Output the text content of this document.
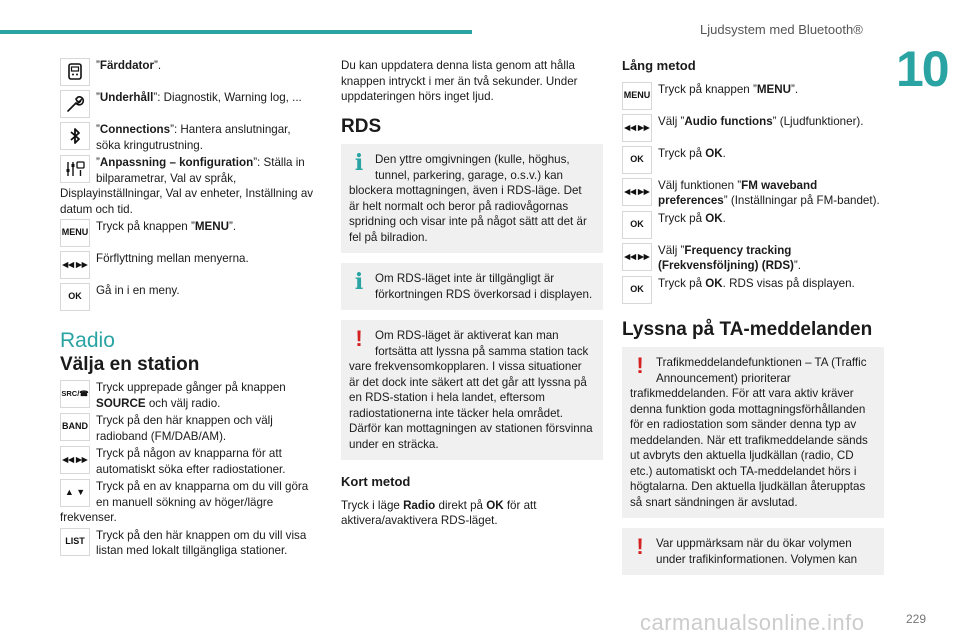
Ljudsystem med Bluetooth®
10
carmanualsonline.info	229
”Färddator”.
”Underhåll”: Diagnostik, Warning log, ...
”Connections”: Hantera anslutningar, söka kringutrustning.
”Anpassning – konfiguration”: Ställa in bilparametrar, Val av språk, Displayinställningar, Val av enheter, Inställning av datum och tid.
MENU Tryck på knappen ”MENU”.
◀◀ ▶▶ Förflyttning mellan menyerna.
OK	Gå in i en meny.
Radio
Välja en station
SRC/☎ Tryck upprepade gånger på knappen SOURCE och välj radio.
BAND Tryck på den här knappen och välj radioband (FM/DAB/AM).
◀◀ ▶▶ Tryck på någon av knapparna för att automatiskt söka efter radiostationer.
▲ ▼ Tryck på en av knapparna om du vill göra en manuell sökning av höger/lägre frekvenser.
LIST Tryck på den här knappen om du vill visa listan med lokalt tillgängliga stationer.

Du kan uppdatera denna lista genom att hålla knappen intryckt i mer än två sekunder. Under uppdateringen hörs inget ljud.

RDS
i	Den yttre omgivningen (kulle, höghus, tunnel, parkering, garage, o.s.v.) kan blockera mottagningen, även i RDS-läge. Det är helt normalt och beror på radiovågornas spridning och visar inte på något sätt att det är fel på bilradion.
i	Om RDS-läget inte är tillgängligt är förkortningen RDS överkorsad i displayen.
!	Om RDS-läget är aktiverat kan man fortsätta att lyssna på samma station tack vare frekvensomkopplaren. I vissa situationer är det dock inte säkert att det går att lyssna på en RDS-station i hela landet, eftersom radiostationerna inte täcker hela området. Därför kan mottagningen av stationen försvinna under en sträcka.
Kort metod

Tryck i läge Radio direkt på OK för att aktivera/avaktivera RDS-läget.

Lång metod
MENU Tryck på knappen ”MENU”.
◀◀ ▶▶ Välj ”Audio functions” (Ljudfunktioner).
OK	Tryck på OK.
◀◀ ▶▶ Välj funktionen ”FM waveband preferences” (Inställningar på FM-bandet).
OK	Tryck på OK.
◀◀ ▶▶ Välj ”Frequency tracking (Frekvensföljning) (RDS)”.
OK	Tryck på OK. RDS visas på displayen.
Lyssna på TA-meddelanden
!	Trafikmeddelandefunktionen – TA (Traffic Announcement) prioriterar trafikmeddelanden. För att vara aktiv kräver denna funktion goda mottagningsförhållanden för en radiostation som sänder denna typ av meddelanden. När ett trafikmeddelande sänds ut avbryts den aktuella ljudkällan (radio, CD etc.) automatiskt och TA-meddelandet hörs i högtalarna. Den aktuella ljudkällan återupptas så snart sändningen är avslutad.
!	Var uppmärksam när du ökar volymen under trafikinformationen. Volymen kan
